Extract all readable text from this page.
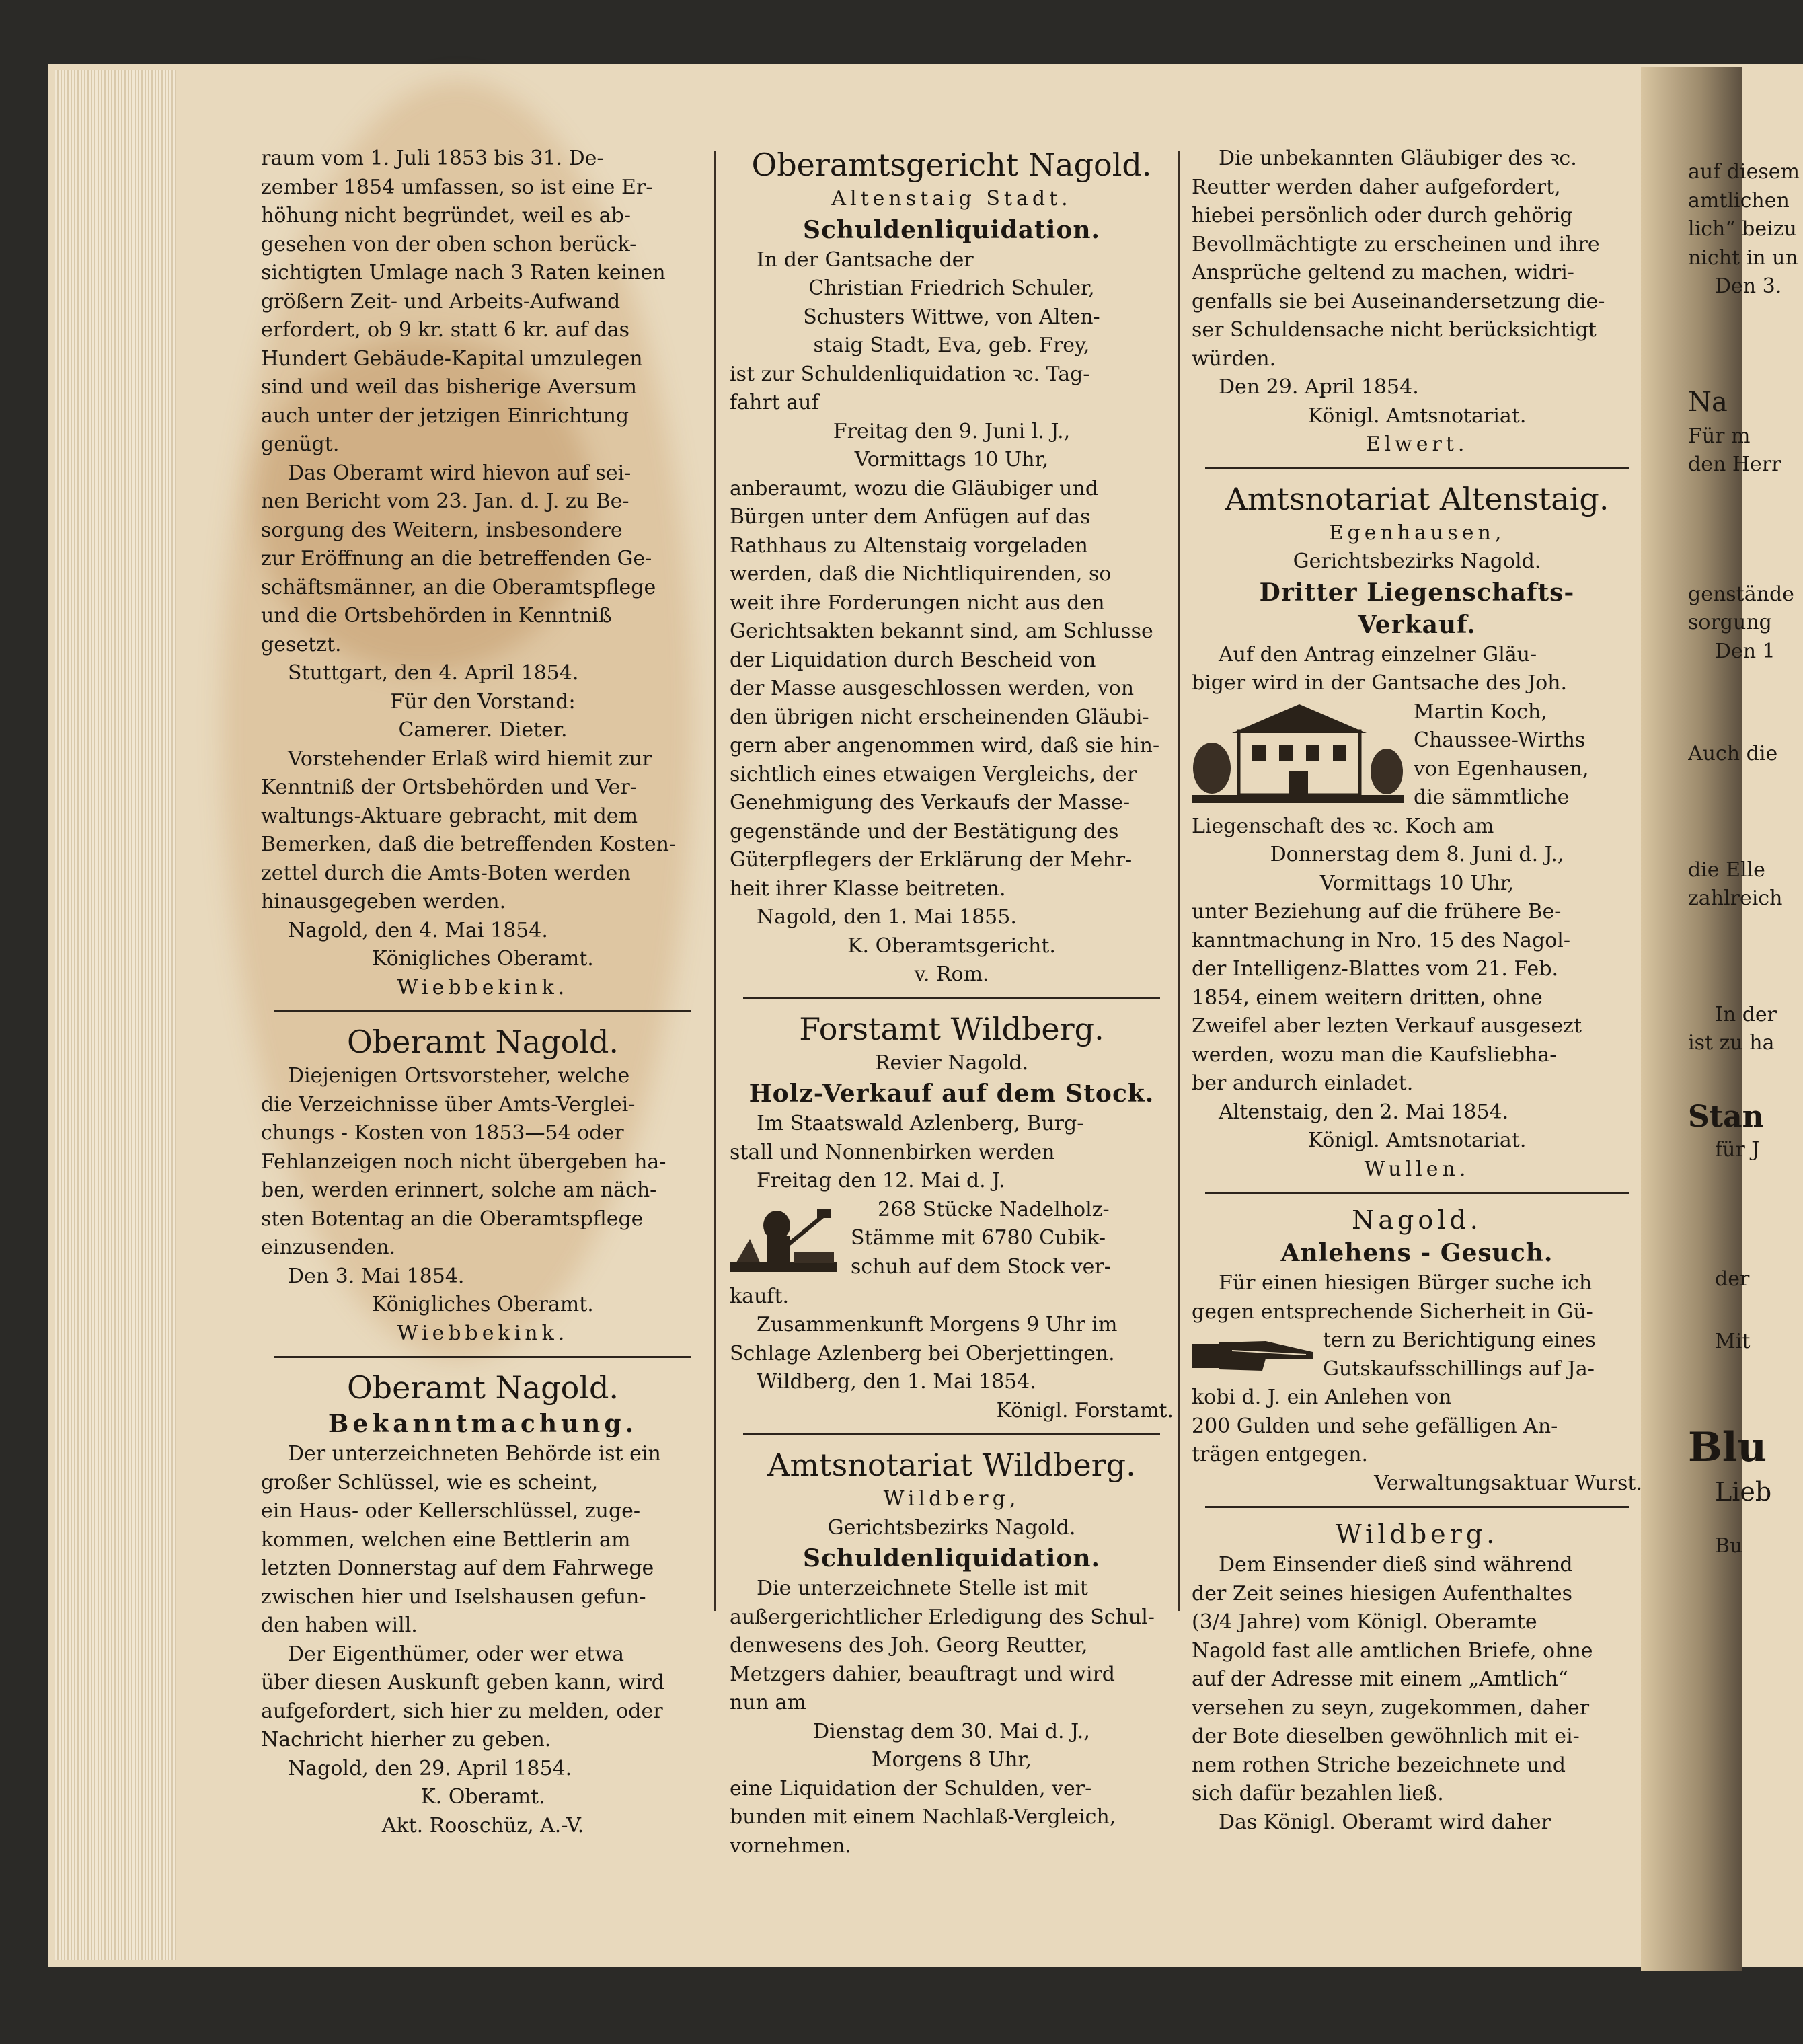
raum vom 1. Juli 1853 bis 31. De-
zember 1854 umfassen, so ist eine Er-
höhung nicht begründet, weil es ab-
gesehen von der oben schon berück-
sichtigten Umlage nach 3 Raten keinen
größern Zeit- und Arbeits-Aufwand
erfordert, ob 9 kr. statt 6 kr. auf das
Hundert Gebäude-Kapital umzulegen
sind und weil das bisherige Aversum
auch unter der jetzigen Einrichtung
genügt.
Das Oberamt wird hievon auf sei-
nen Bericht vom 23. Jan. d. J. zu Be-
sorgung des Weitern, insbesondere
zur Eröffnung an die betreffenden Ge-
schäftsmänner, an die Oberamtspflege
und die Ortsbehörden in Kenntniß
gesetzt.
Stuttgart, den 4. April 1854.
Für den Vorstand:
Camerer. Dieter.
Vorstehender Erlaß wird hiemit zur
Kenntniß der Ortsbehörden und Ver-
waltungs-Aktuare gebracht, mit dem
Bemerken, daß die betreffenden Kosten-
zettel durch die Amts-Boten werden
hinausgegeben werden.
Nagold, den 4. Mai 1854.
Königliches Oberamt.
Wiebbekink.
Oberamt Nagold.
Diejenigen Ortsvorsteher, welche
die Verzeichnisse über Amts-Verglei-
chungs - Kosten von 1853—54 oder
Fehlanzeigen noch nicht übergeben ha-
ben, werden erinnert, solche am näch-
sten Botentag an die Oberamtspflege
einzusenden.
Den 3. Mai 1854.
Königliches Oberamt.
Wiebbekink.
Oberamt Nagold.
Bekanntmachung.
Der unterzeichneten Behörde ist ein
großer Schlüssel, wie es scheint,
ein Haus- oder Kellerschlüssel, zuge-
kommen, welchen eine Bettlerin am
letzten Donnerstag auf dem Fahrwege
zwischen hier und Iselshausen gefun-
den haben will.
Der Eigenthümer, oder wer etwa
über diesen Auskunft geben kann, wird
aufgefordert, sich hier zu melden, oder
Nachricht hierher zu geben.
Nagold, den 29. April 1854.
K. Oberamt.
Akt. Rooschüz, A.-V.
Oberamtsgericht Nagold.
Altenstaig Stadt.
Schuldenliquidation.
In der Gantsache der
Christian Friedrich Schuler,
Schusters Wittwe, von Alten-
staig Stadt, Eva, geb. Frey,
ist zur Schuldenliquidation ꝛc. Tag-
fahrt auf
Freitag den 9. Juni l. J.,
Vormittags 10 Uhr,
anberaumt, wozu die Gläubiger und
Bürgen unter dem Anfügen auf das
Rathhaus zu Altenstaig vorgeladen
werden, daß die Nichtliquirenden, so
weit ihre Forderungen nicht aus den
Gerichtsakten bekannt sind, am Schlusse
der Liquidation durch Bescheid von
der Masse ausgeschlossen werden, von
den übrigen nicht erscheinenden Gläubi-
gern aber angenommen wird, daß sie hin-
sichtlich eines etwaigen Vergleichs, der
Genehmigung des Verkaufs der Masse-
gegenstände und der Bestätigung des
Güterpflegers der Erklärung der Mehr-
heit ihrer Klasse beitreten.
Nagold, den 1. Mai 1855.
K. Oberamtsgericht.
v. Rom.
Forstamt Wildberg.
Revier Nagold.
Holz-Verkauf auf dem Stock.
Im Staatswald Azlenberg, Burg-
stall und Nonnenbirken werden
Freitag den 12. Mai d. J.
268 Stücke Nadelholz-
Stämme mit 6780 Cubik-
schuh auf dem Stock ver-
kauft.
Zusammenkunft Morgens 9 Uhr im
Schlage Azlenberg bei Oberjettingen.
Wildberg, den 1. Mai 1854.
Königl. Forstamt.
Amtsnotariat Wildberg.
Wildberg,
Gerichtsbezirks Nagold.
Schuldenliquidation.
Die unterzeichnete Stelle ist mit
außergerichtlicher Erledigung des Schul-
denwesens des Joh. Georg Reutter,
Metzgers dahier, beauftragt und wird
nun am
Dienstag dem 30. Mai d. J.,
Morgens 8 Uhr,
eine Liquidation der Schulden, ver-
bunden mit einem Nachlaß-Vergleich,
vornehmen.
Die unbekannten Gläubiger des ꝛc.
Reutter werden daher aufgefordert,
hiebei persönlich oder durch gehörig
Bevollmächtigte zu erscheinen und ihre
Ansprüche geltend zu machen, widri-
genfalls sie bei Auseinandersetzung die-
ser Schuldensache nicht berücksichtigt
würden.
Den 29. April 1854.
Königl. Amtsnotariat.
Elwert.
Amtsnotariat Altenstaig.
Egenhausen,
Gerichtsbezirks Nagold.
Dritter Liegenschafts-
Verkauf.
Auf den Antrag einzelner Gläu-
biger wird in der Gantsache des Joh.
Martin Koch,
Chaussee-Wirths
von Egenhausen,
die sämmtliche
Liegenschaft des ꝛc. Koch am
Donnerstag dem 8. Juni d. J.,
Vormittags 10 Uhr,
unter Beziehung auf die frühere Be-
kanntmachung in Nro. 15 des Nagol-
der Intelligenz-Blattes vom 21. Feb.
1854, einem weitern dritten, ohne
Zweifel aber lezten Verkauf ausgesezt
werden, wozu man die Kaufsliebha-
ber andurch einladet.
Altenstaig, den 2. Mai 1854.
Königl. Amtsnotariat.
Wullen.
Nagold.
Anlehens - Gesuch.
Für einen hiesigen Bürger suche ich
gegen entsprechende Sicherheit in Gü-
tern zu Berichtigung eines
Gutskaufsschillings auf Ja-
kobi d. J. ein Anlehen von
200 Gulden und sehe gefälligen An-
trägen entgegen.
Verwaltungsaktuar Wurst.
Wildberg.
Dem Einsender dieß sind während
der Zeit seines hiesigen Aufenthaltes
(3/4 Jahre) vom Königl. Oberamte
Nagold fast alle amtlichen Briefe, ohne
auf der Adresse mit einem „Amtlich“
versehen zu seyn, zugekommen, daher
der Bote dieselben gewöhnlich mit ei-
nem rothen Striche bezeichnete und
sich dafür bezahlen ließ.
Das Königl. Oberamt wird daher
auf diesem
amtlichen
lich“ beizu
nicht in un
Den 3.
Na
Für m
den Herr
genstände
sorgung
Den 1
Auch die
die Elle
zahlreich
In der
ist zu ha
Stan
für J
der
Mit
Blu
Lieb
Bu
